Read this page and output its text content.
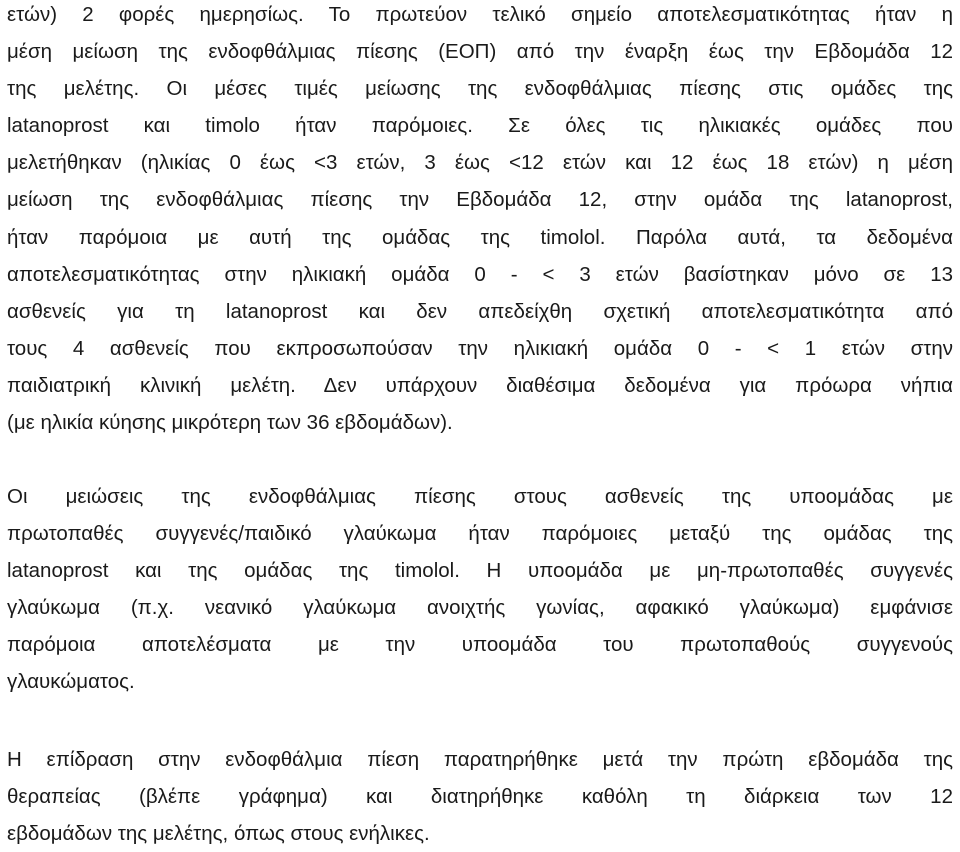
ετών) 2 φορές ημερησίως. Το πρωτεύον τελικό σημείο αποτελεσματικότητας ήταν η
μέση μείωση της ενδοφθάλμιας πίεσης (ΕΟΠ) από την έναρξη έως την Εβδομάδα 12
της μελέτης. Οι μέσες τιμές μείωσης της ενδοφθάλμιας πίεσης στις ομάδες της
latanoprost και timolo ήταν παρόμοιες. Σε όλες τις ηλικιακές ομάδες που
μελετήθηκαν (ηλικίας 0 έως <3 ετών, 3 έως <12 ετών και 12 έως 18 ετών) η μέση
μείωση της ενδοφθάλμιας πίεσης την Εβδομάδα 12, στην ομάδα της latanoprost,
ήταν παρόμοια με αυτή της ομάδας της timolol. Παρόλα αυτά, τα δεδομένα
αποτελεσματικότητας στην ηλικιακή ομάδα 0 - < 3 ετών βασίστηκαν μόνο σε 13
ασθενείς για τη latanoprost και δεν απεδείχθη σχετική αποτελεσματικότητα από
τους 4 ασθενείς που εκπροσωπούσαν την ηλικιακή ομάδα 0 - < 1 ετών στην
παιδιατρική κλινική μελέτη. Δεν υπάρχουν διαθέσιμα δεδομένα για πρόωρα νήπια
(με ηλικία κύησης μικρότερη των 36 εβδομάδων).
Οι μειώσεις της ενδοφθάλμιας πίεσης στους ασθενείς της υποομάδας με
πρωτοπαθές συγγενές/παιδικό γλαύκωμα ήταν παρόμοιες μεταξύ της ομάδας της
latanoprost και της ομάδας της timolol. Η υποομάδα με μη-πρωτοπαθές συγγενές
γλαύκωμα (π.χ. νεανικό γλαύκωμα ανοιχτής γωνίας, αφακικό γλαύκωμα) εμφάνισε
παρόμοια αποτελέσματα με την υποομάδα του πρωτοπαθούς συγγενούς
γλαυκώματος.
Η επίδραση στην ενδοφθάλμια πίεση παρατηρήθηκε μετά την πρώτη εβδομάδα της
θεραπείας (βλέπε γράφημα) και διατηρήθηκε καθόλη τη διάρκεια των 12
εβδομάδων της μελέτης, όπως στους ενήλικες.
